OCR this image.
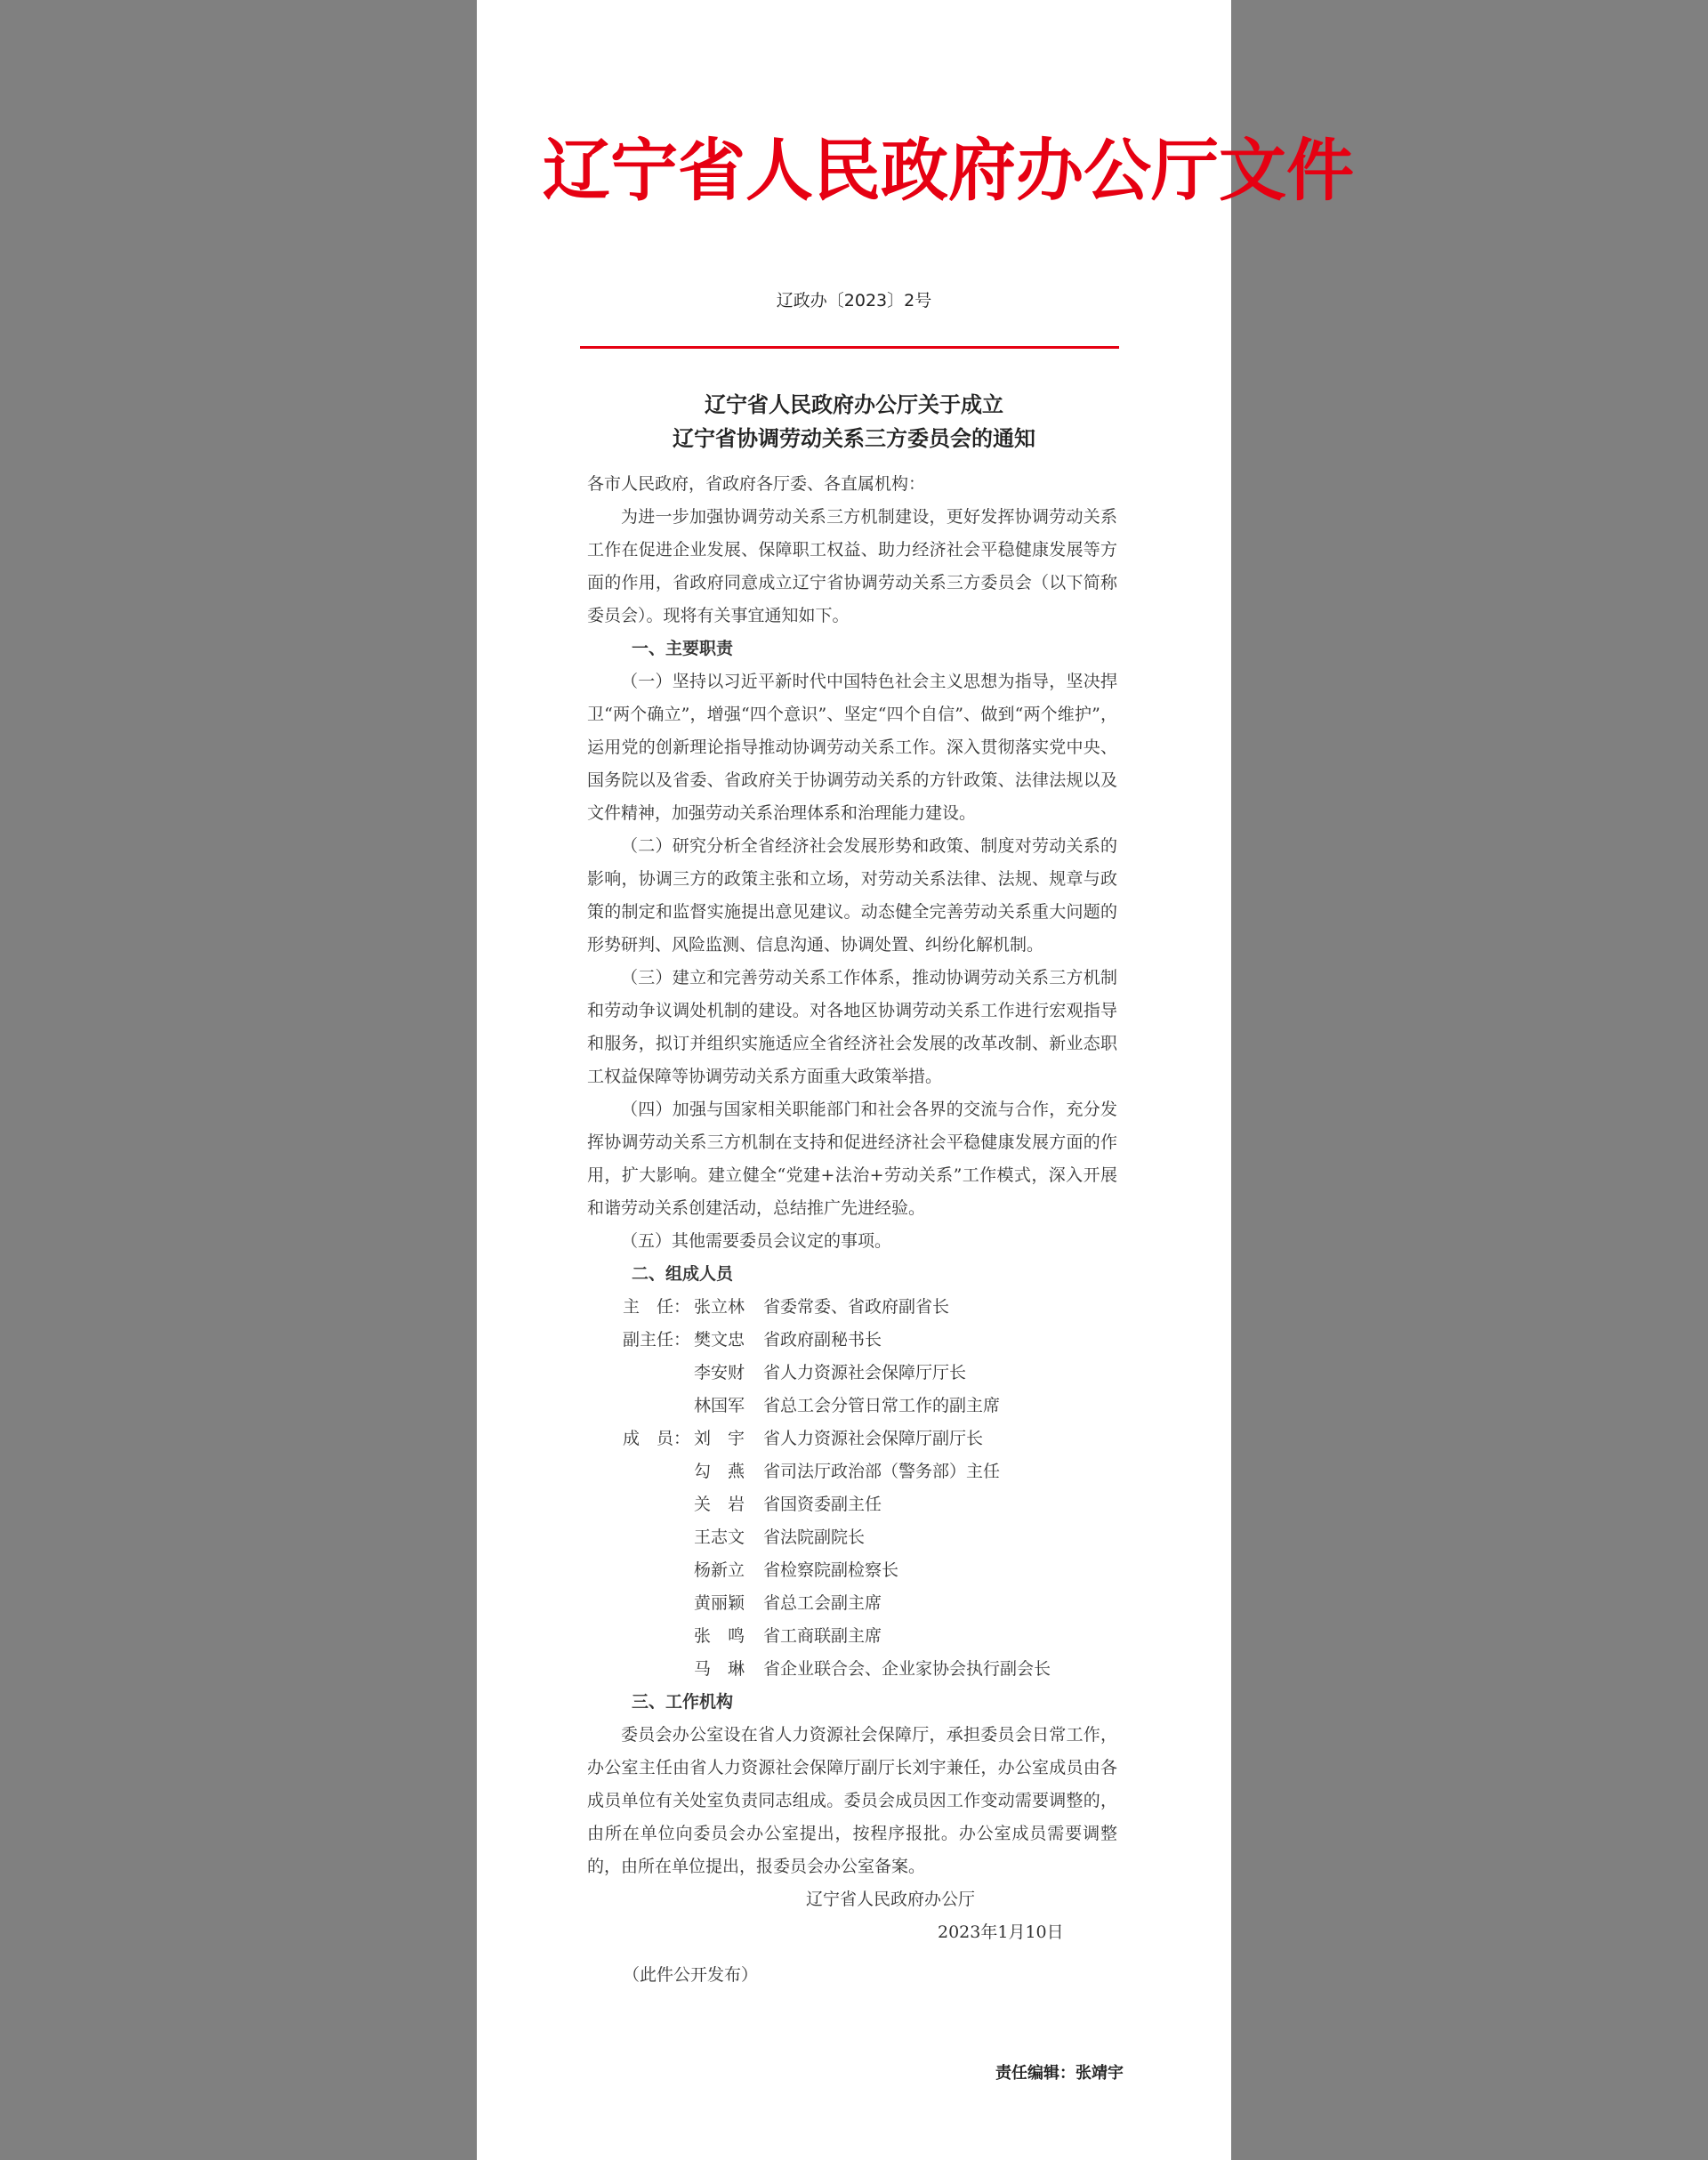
辽宁省人民政府办公厅文件
辽政办〔2023〕2号
辽宁省人民政府办公厅关于成立
辽宁省协调劳动关系三方委员会的通知

各市人民政府，省政府各厅委、各直属机构：

为进一步加强协调劳动关系三方机制建设，更好发挥协调劳动关系工作在促进企业发展、保障职工权益、助力经济社会平稳健康发展等方面的作用，省政府同意成立辽宁省协调劳动关系三方委员会（以下简称委员会）。现将有关事宜通知如下。

一、主要职责

（一）坚持以习近平新时代中国特色社会主义思想为指导，坚决捍卫“两个确立”，增强“四个意识”、坚定“四个自信”、做到“两个维护”，运用党的创新理论指导推动协调劳动关系工作。深入贯彻落实党中央、国务院以及省委、省政府关于协调劳动关系的方针政策、法律法规以及文件精神，加强劳动关系治理体系和治理能力建设。

（二）研究分析全省经济社会发展形势和政策、制度对劳动关系的影响，协调三方的政策主张和立场，对劳动关系法律、法规、规章与政策的制定和监督实施提出意见建议。动态健全完善劳动关系重大问题的形势研判、风险监测、信息沟通、协调处置、纠纷化解机制。

（三）建立和完善劳动关系工作体系，推动协调劳动关系三方机制和劳动争议调处机制的建设。对各地区协调劳动关系工作进行宏观指导和服务，拟订并组织实施适应全省经济社会发展的改革改制、新业态职工权益保障等协调劳动关系方面重大政策举措。

（四）加强与国家相关职能部门和社会各界的交流与合作，充分发挥协调劳动关系三方机制在支持和促进经济社会平稳健康发展方面的作用，扩大影响。建立健全“党建+法治+劳动关系”工作模式，深入开展和谐劳动关系创建活动，总结推广先进经验。

（五）其他需要委员会议定的事项。

二、组成人员

主　任：	张立林	省委常委、省政府副省长
副主任：	樊文忠	省政府副秘书长
	李安财	省人力资源社会保障厅厅长
	林国军	省总工会分管日常工作的副主席
成　员：	刘　宇	省人力资源社会保障厅副厅长
	勾　燕	省司法厅政治部（警务部）主任
	关　岩	省国资委副主任
	王志文	省法院副院长
	杨新立	省检察院副检察长
	黄丽颖	省总工会副主席
	张　鸣	省工商联副主席
	马　琳	省企业联合会、企业家协会执行副会长

三、工作机构

委员会办公室设在省人力资源社会保障厅，承担委员会日常工作，办公室主任由省人力资源社会保障厅副厅长刘宇兼任，办公室成员由各成员单位有关处室负责同志组成。委员会成员因工作变动需要调整的，由所在单位向委员会办公室提出，按程序报批。办公室成员需要调整的，由所在单位提出，报委员会办公室备案。

辽宁省人民政府办公厅

2023年1月10日

（此件公开发布）

责任编辑：张靖宇
